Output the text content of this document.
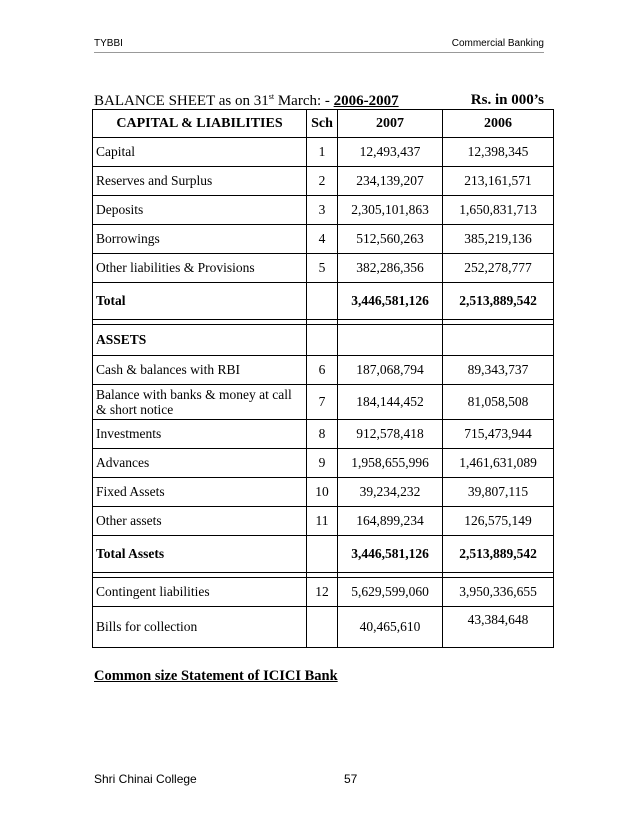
TYBBI	Commercial Banking
BALANCE SHEET as on 31st March: - 2006-2007	Rs. in 000’s
CAPITAL & LIABILITIES	Sch	2007	2006
Capital	1	12,493,437	12,398,345
Reserves and Surplus	2	234,139,207	213,161,571
Deposits	3	2,305,101,863	1,650,831,713
Borrowings	4	512,560,263	385,219,136
Other liabilities & Provisions	5	382,286,356	252,278,777
Total		3,446,581,126	2,513,889,542

ASSETS			
Cash & balances with RBI	6	187,068,794	89,343,737
Balance with banks & money at call & short notice	7	184,144,452	81,058,508
Investments	8	912,578,418	715,473,944
Advances	9	1,958,655,996	1,461,631,089
Fixed Assets	10	39,234,232	39,807,115
Other assets	11	164,899,234	126,575,149
Total Assets		3,446,581,126	2,513,889,542

Contingent liabilities	12	5,629,599,060	3,950,336,655
Bills for collection		40,465,610	43,384,648
Common size Statement of ICICI Bank
Shri Chinai College	57
